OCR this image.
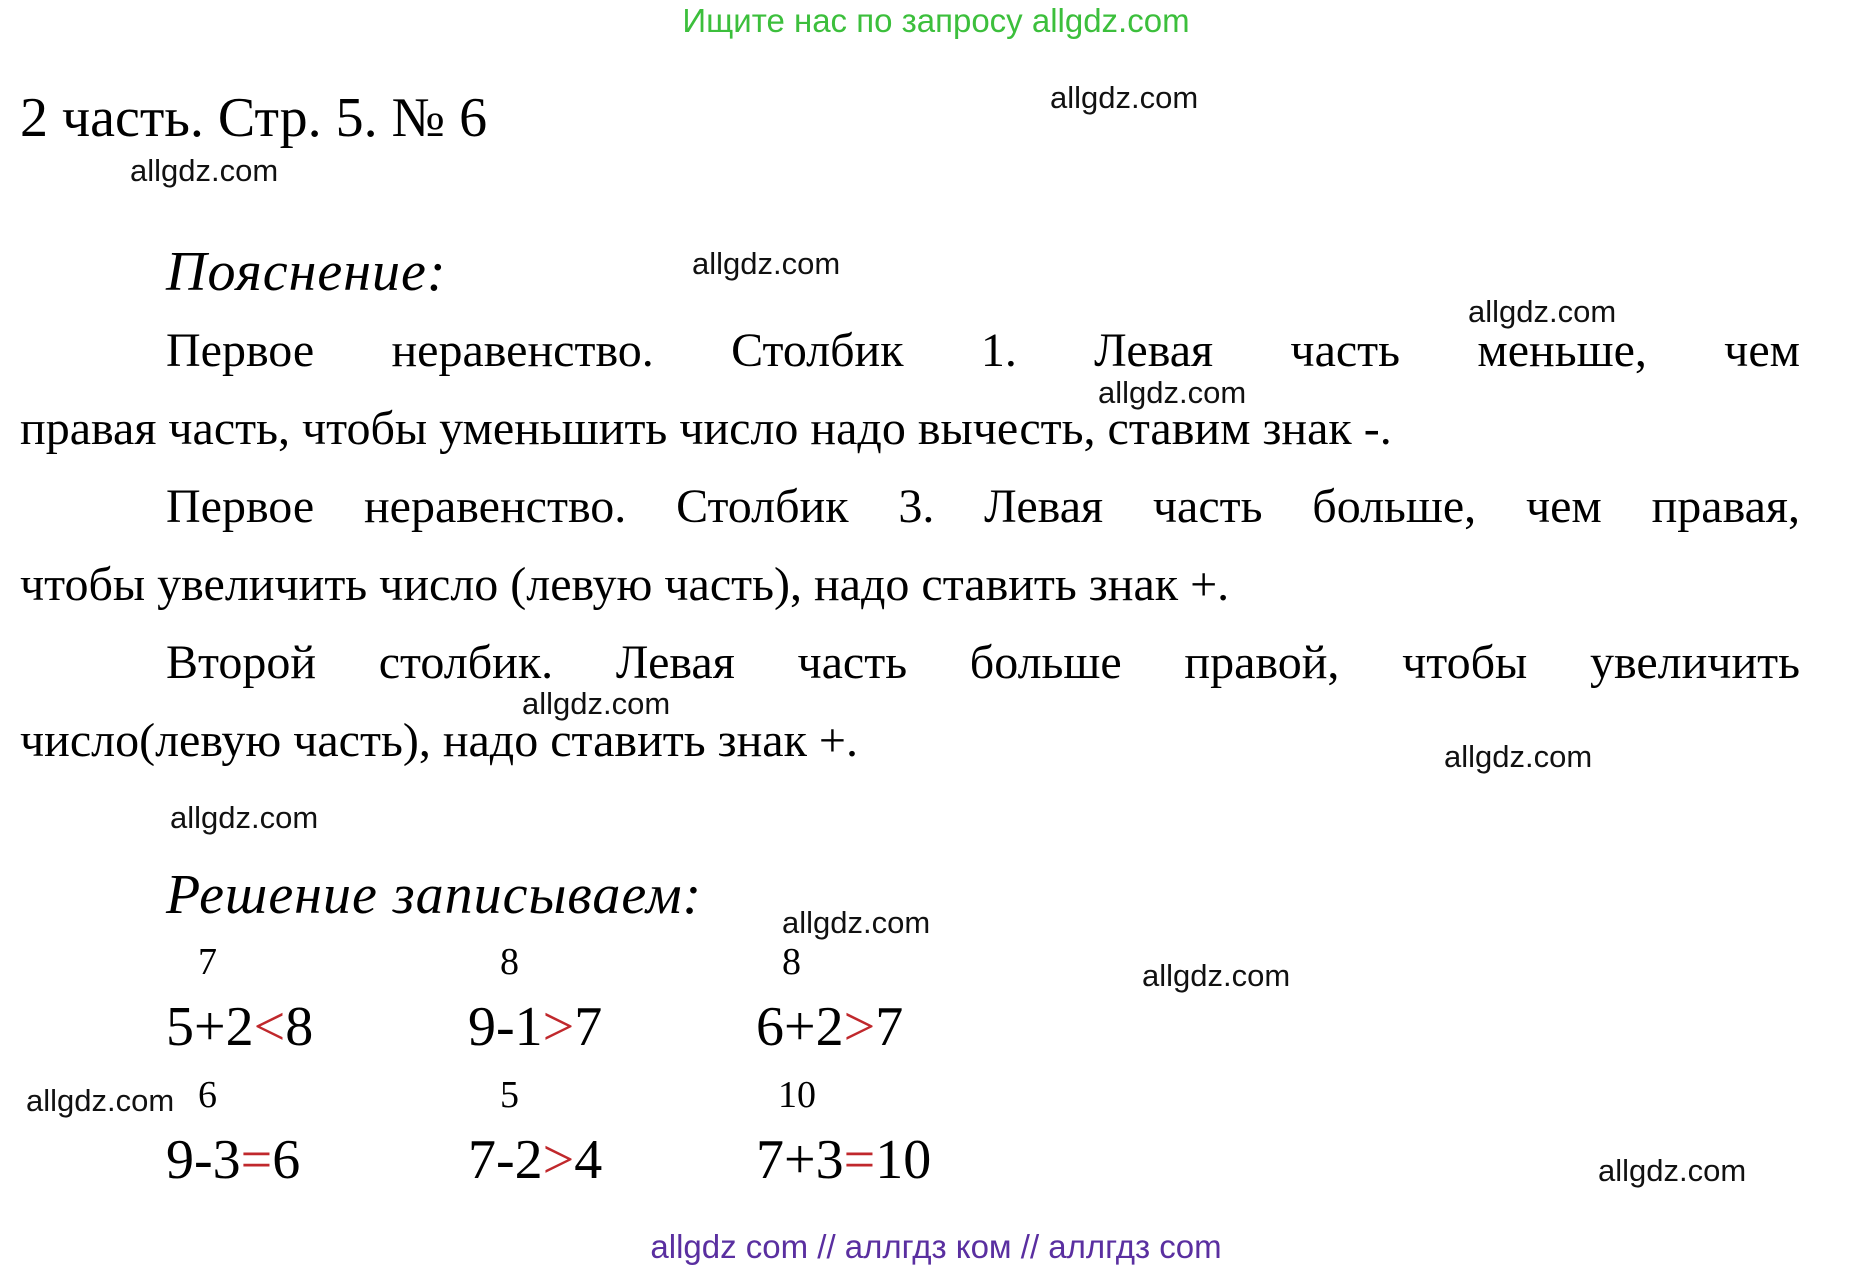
Ищите нас по запросу allgdz.com
2 часть. Стр. 5. № 6
Пояснение:
Первое неравенство. Столбик 1. Левая часть меньше, чем
правая часть, чтобы уменьшить число надо вычесть, ставим знак -.
Первое неравенство. Столбик 3. Левая часть больше, чем правая,
чтобы увеличить число (левую часть), надо ставить знак +.
Второй столбик. Левая часть больше правой, чтобы увеличить
число(левую часть), надо ставить знак +.
Решение записываем:
7	8	8
5+2<8	9-1>7	6+2>7
6	5	10
9-3=6	7-2>4	7+3=10
allgdz.com
allgdz.com
allgdz.com
allgdz.com
allgdz.com
allgdz.com
allgdz.com
allgdz.com
allgdz.com
allgdz.com
allgdz.com
allgdz.com
allgdz com // аллгдз ком // аллгдз com
